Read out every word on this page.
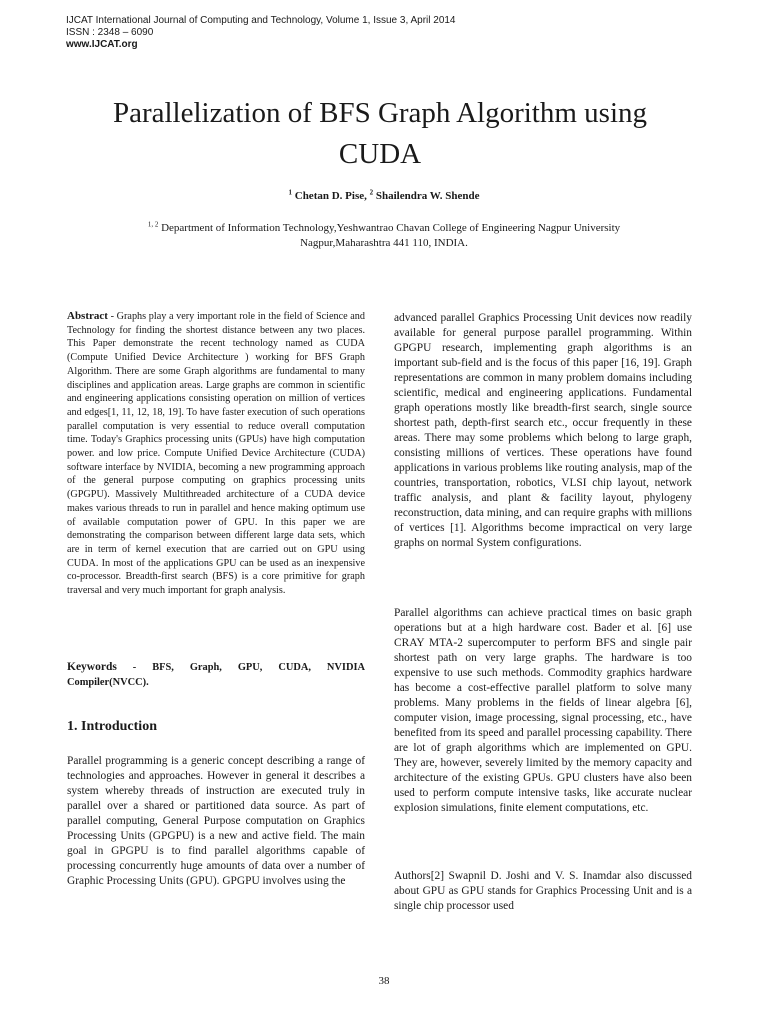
IJCAT International Journal of Computing and Technology, Volume 1, Issue 3, April 2014
ISSN : 2348 – 6090
www.IJCAT.org
Parallelization of BFS Graph Algorithm using CUDA
$^1$ Chetan D. Pise, $^2$ Shailendra W. Shende
$^{1, 2}$ Department of Information Technology,Yeshwantrao Chavan College of Engineering Nagpur University
Nagpur,Maharashtra 441 110, INDIA.

Abstract - Graphs play a very important role in the field of Science and Technology for finding the shortest distance between any two places. This Paper demonstrate the recent technology named as CUDA (Compute Unified Device Architecture ) working for BFS Graph Algorithm. There are some Graph algorithms are fundamental to many disciplines and application areas. Large graphs are common in scientific and engineering applications consisting operation on million of vertices and edges[1, 11, 12, 18, 19]. To have faster execution of such operations parallel computation is very essential to reduce overall computation time. Today's Graphics processing units (GPUs) have high computation power. and low price. Compute Unified Device Architecture (CUDA) software interface by NVIDIA, becoming a new programming approach of the general purpose computing on graphics processing units (GPGPU). Massively Multithreaded architecture of a CUDA device makes various threads to run in parallel and hence making optimum use of available computation power of GPU. In this paper we are demonstrating the comparison between different large data sets, which are in term of kernel execution that are carried out on GPU using CUDA. In most of the applications GPU can be used as an inexpensive co-processor. Breadth-first search (BFS) is a core primitive for graph traversal and very much important for graph analysis.

Keywords - BFS, Graph, GPU, CUDA, NVIDIA Compiler(NVCC).

1. Introduction

Parallel programming is a generic concept describing a range of technologies and approaches. However in general it describes a system whereby threads of instruction are executed truly in parallel over a shared or partitioned data source. As part of parallel computing, General Purpose computation on Graphics Processing Units (GPGPU) is a new and active field. The main goal in GPGPU is to find parallel algorithms capable of processing concurrently huge amounts of data over a number of Graphic Processing Units (GPU). GPGPU involves using the

advanced parallel Graphics Processing Unit devices now readily available for general purpose parallel programming. Within GPGPU research, implementing graph algorithms is an important sub-field and is the focus of this paper [16, 19]. Graph representations are common in many problem domains including scientific, medical and engineering applications. Fundamental graph operations mostly like breadth-first search, single source shortest path, depth-first search etc., occur frequently in these areas. There may some problems which belong to large graph, consisting millions of vertices. These operations have found applications in various problems like routing analysis, map of the countries, transportation, robotics, VLSI chip layout, network traffic analysis, and plant & facility layout, phylogeny reconstruction, data mining, and can require graphs with millions of vertices [1]. Algorithms become impractical on very large graphs on normal System configurations.

Parallel algorithms can achieve practical times on basic graph operations but at a high hardware cost. Bader et al. [6] use CRAY MTA-2 supercomputer to perform BFS and single pair shortest path on very large graphs. The hardware is too expensive to use such methods. Commodity graphics hardware has become a cost-effective parallel platform to solve many problems. Many problems in the fields of linear algebra [6], computer vision, image processing, signal processing, etc., have benefited from its speed and parallel processing capability. There are lot of graph algorithms which are implemented on GPU. They are, however, severely limited by the memory capacity and architecture of the existing GPUs. GPU clusters have also been used to perform compute intensive tasks, like accurate nuclear explosion simulations, finite element computations, etc.

Authors[2] Swapnil D. Joshi and V. S. Inamdar also discussed about GPU as GPU stands for Graphics Processing Unit and is a single chip processor used

38
